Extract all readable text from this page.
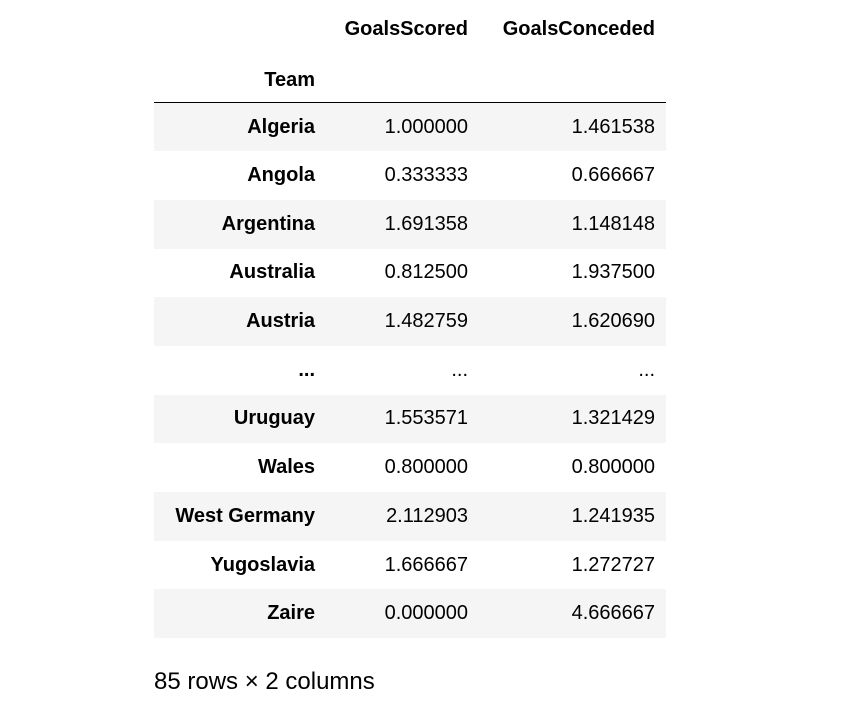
	GoalsScored	GoalsConceded
Team		
Algeria	1.000000	1.461538
Angola	0.333333	0.666667
Argentina	1.691358	1.148148
Australia	0.812500	1.937500
Austria	1.482759	1.620690
...	...	...
Uruguay	1.553571	1.321429
Wales	0.800000	0.800000
West Germany	2.112903	1.241935
Yugoslavia	1.666667	1.272727
Zaire	0.000000	4.666667
85 rows × 2 columns
